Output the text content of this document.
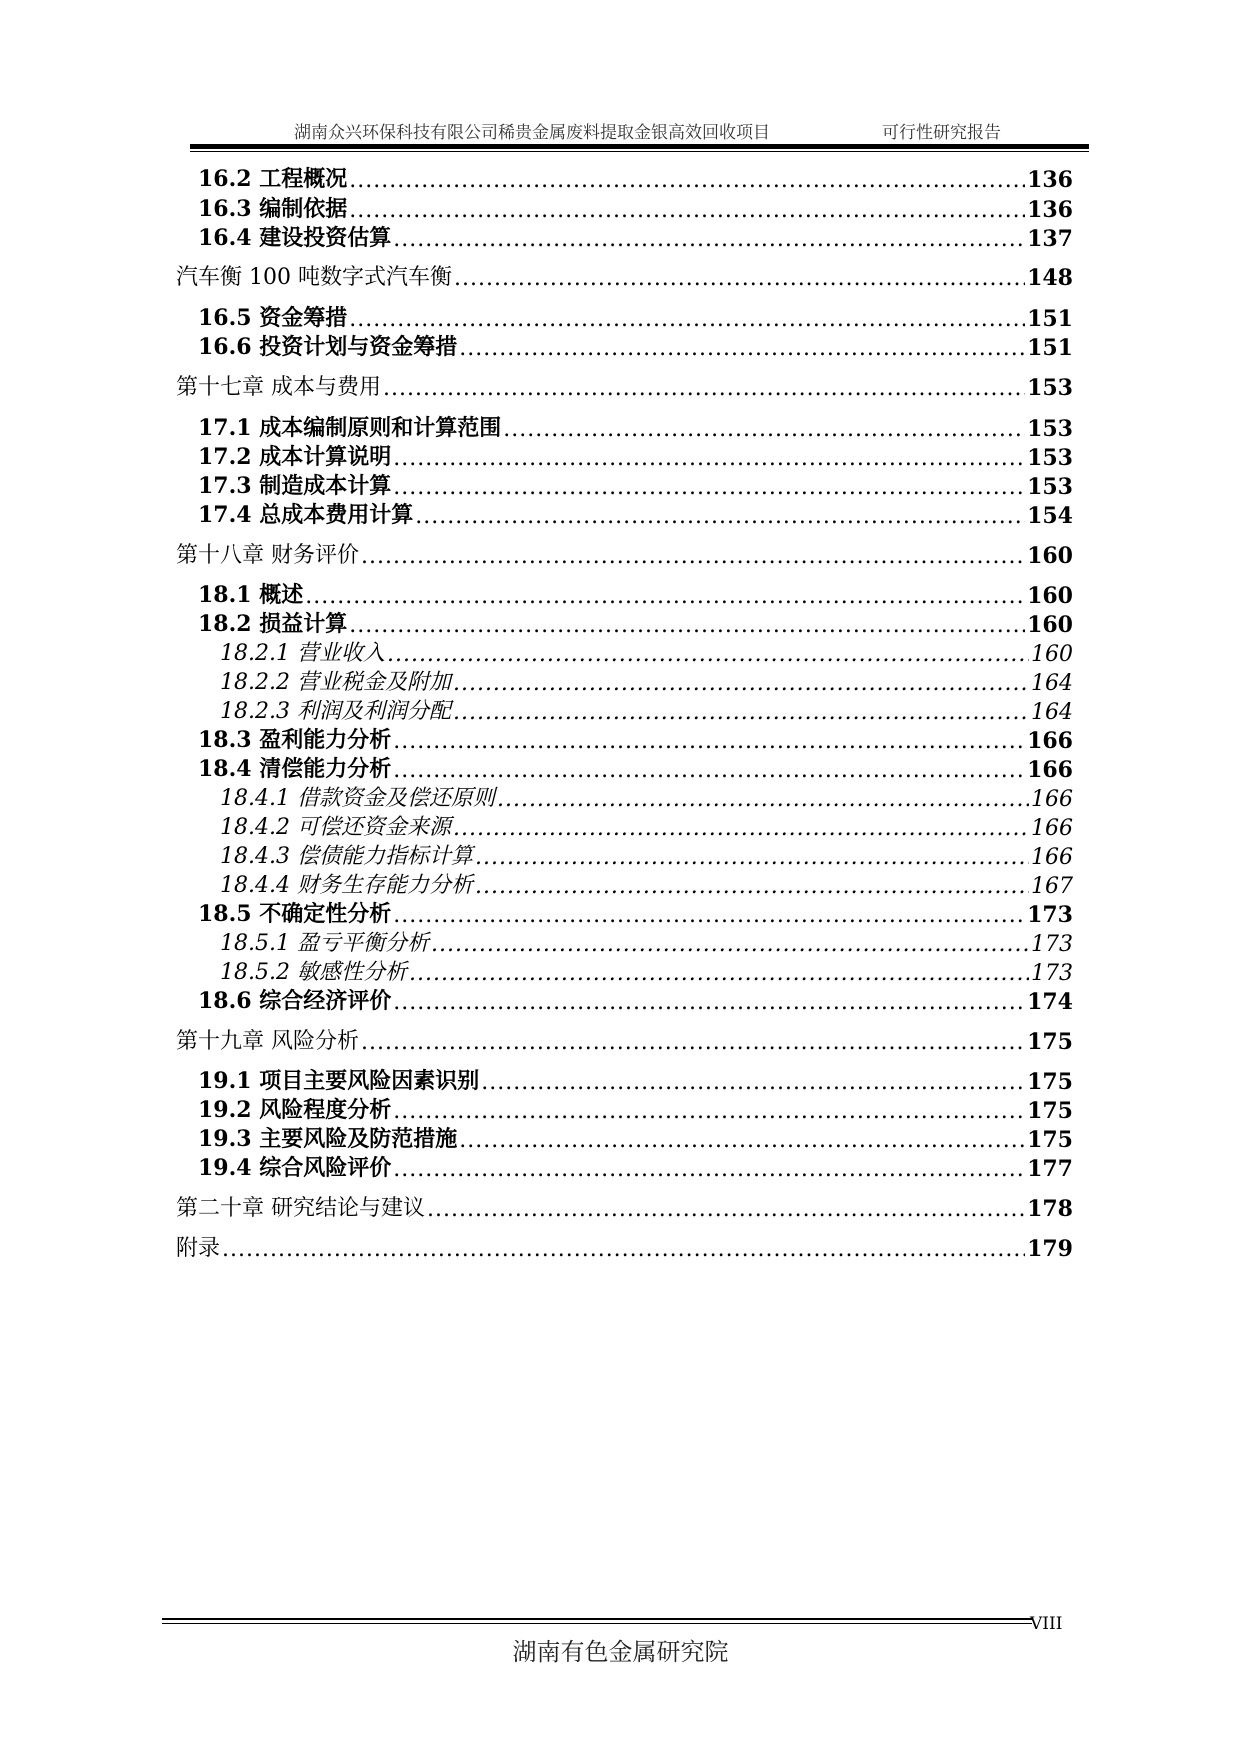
湖南众兴环保科技有限公司稀贵金属废料提取金银高效回收项目	可行性研究报告
16.2 工程概况 .....	136
16.3 编制依据 .....	136
16.4 建设投资估算 .....	137
汽车衡 100 吨数字式汽车衡 .....	148
16.5 资金筹措 .....	151
16.6 投资计划与资金筹措 .....	151
第十七章 成本与费用 .....	153
17.1 成本编制原则和计算范围 .....	153
17.2 成本计算说明 .....	153
17.3 制造成本计算 .....	153
17.4 总成本费用计算 .....	154
第十八章 财务评价 .....	160
18.1 概述 .....	160
18.2 损益计算 .....	160
18.2.1 营业收入 .....	160
18.2.2 营业税金及附加 .....	164
18.2.3 利润及利润分配 .....	164
18.3 盈利能力分析 .....	166
18.4 清偿能力分析 .....	166
18.4.1 借款资金及偿还原则 .....	166
18.4.2 可偿还资金来源 .....	166
18.4.3 偿债能力指标计算 .....	166
18.4.4 财务生存能力分析 .....	167
18.5 不确定性分析 .....	173
18.5.1 盈亏平衡分析 .....	173
18.5.2 敏感性分析 .....	173
18.6 综合经济评价 .....	174
第十九章 风险分析 .....	175
19.1 项目主要风险因素识别 .....	175
19.2 风险程度分析 .....	175
19.3 主要风险及防范措施 .....	175
19.4 综合风险评价 .....	177
第二十章 研究结论与建议 .....	178
附录 .....	179
VIII
湖南有色金属研究院
